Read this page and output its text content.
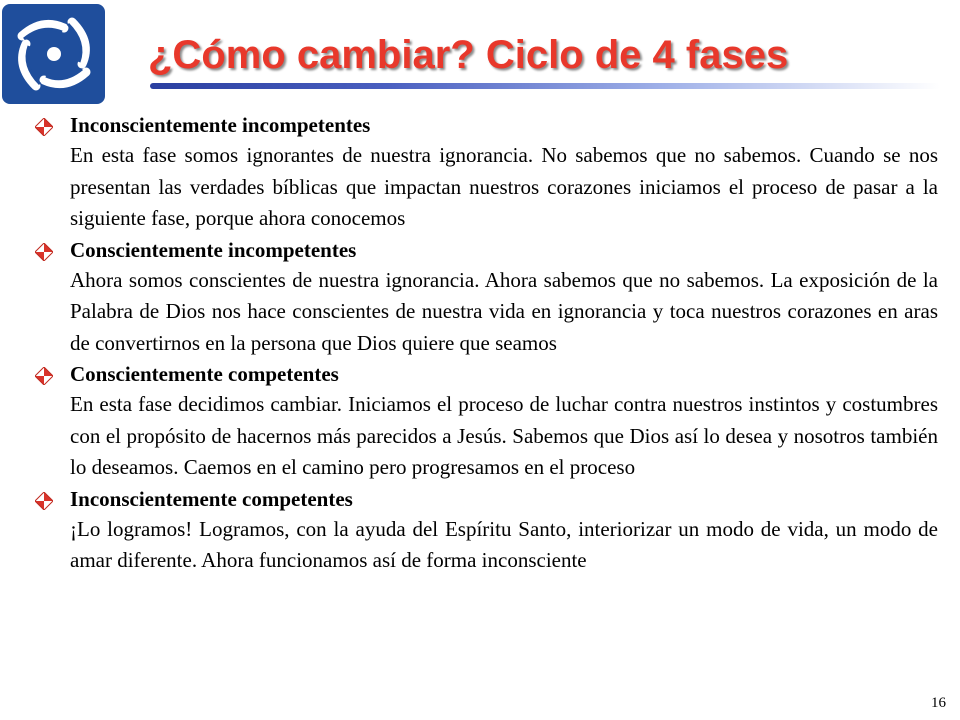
¿Cómo cambiar? Ciclo de 4 fases
Inconscientemente incompetentes
En esta fase somos ignorantes de nuestra ignorancia. No sabemos que no sabemos. Cuando se nos presentan las verdades bíblicas que impactan nuestros corazones iniciamos el proceso de pasar a la siguiente fase, porque ahora conocemos
Conscientemente incompetentes
Ahora somos conscientes de nuestra ignorancia. Ahora sabemos que no sabemos. La exposición de la Palabra de Dios nos hace conscientes de nuestra vida en ignorancia y toca nuestros corazones en aras de convertirnos en la persona que Dios quiere que seamos
Conscientemente competentes
En esta fase decidimos cambiar. Iniciamos el proceso de luchar contra nuestros instintos y costumbres con el propósito de hacernos más parecidos a Jesús. Sabemos que Dios así lo desea y nosotros también lo deseamos. Caemos en el camino pero progresamos en el proceso
Inconscientemente competentes
¡Lo logramos! Logramos, con la ayuda del Espíritu Santo, interiorizar un modo de vida, un modo de amar diferente. Ahora funcionamos así de forma inconsciente
16
